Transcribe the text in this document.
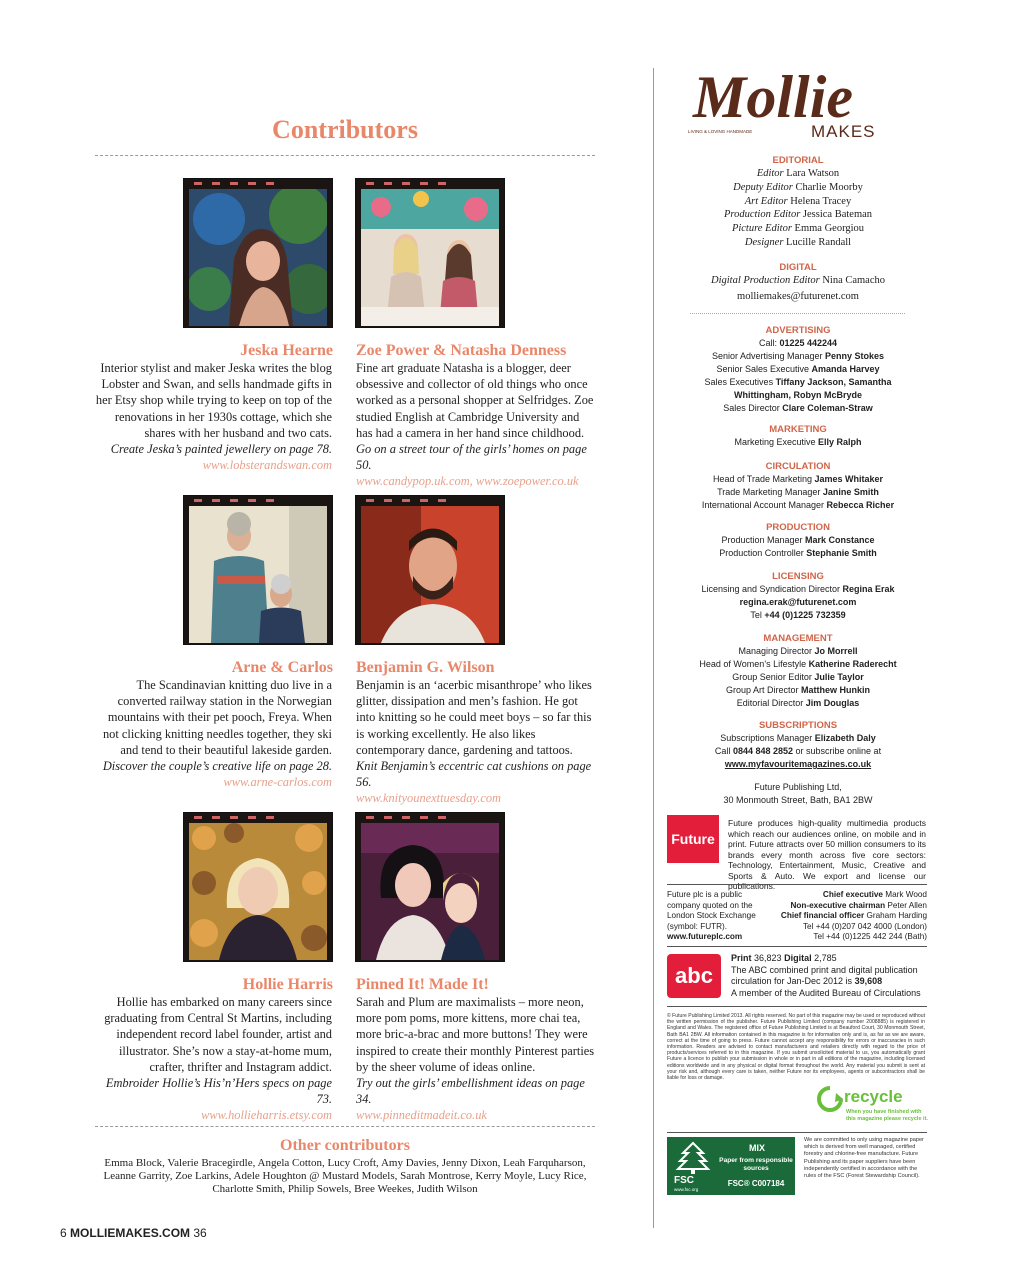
Contributors
Jeska Hearne Zoe Power & Natasha Denness
Interior stylist and maker Jeska writes the blog Lobster and Swan, and sells handmade gifts in her Etsy shop while trying to keep on top of the renovations in her 1930s cottage, which she shares with her husband and two cats.
Create Jeska’s painted jewellery on page 78.
www.lobsterandswan.com
Fine art graduate Natasha is a blogger, deer obsessive and collector of old things who once worked as a personal shopper at Selfridges. Zoe studied English at Cambridge University and has had a camera in her hand since childhood.
Go on a street tour of the girls’ homes on page 50.
www.candypop.uk.com, www.zoepower.co.uk
Arne & Carlos Benjamin G. Wilson
The Scandinavian knitting duo live in a converted railway station in the Norwegian mountains with their pet pooch, Freya. When not clicking knitting needles together, they ski and tend to their beautiful lakeside garden.
Discover the couple’s creative life on page 28.
www.arne-carlos.com
Benjamin is an ‘acerbic misanthrope’ who likes glitter, dissipation and men’s fashion. He got into knitting so he could meet boys – so far this is working excellently. He also likes contemporary dance, gardening and tattoos.
Knit Benjamin’s eccentric cat cushions on page 56.
www.knityounexttuesday.com
Hollie Harris Pinned It! Made It!
Hollie has embarked on many careers since graduating from Central St Martins, including independent record label founder, artist and illustrator. She’s now a stay-at-home mum, crafter, thrifter and Instagram addict.
Embroider Hollie’s His’n’Hers specs on page 73.
www.hollieharris.etsy.com
Sarah and Plum are maximalists – more neon, more pom poms, more kittens, more chai tea, more bric-a-brac and more buttons! They were inspired to create their monthly Pinterest parties by the sheer volume of ideas online.
Try out the girls’ embellishment ideas on page 34.
www.pinneditmadeit.co.uk
Other contributors
Emma Block, Valerie Bracegirdle, Angela Cotton, Lucy Croft, Amy Davies, Jenny Dixon, Leah Farquharson, Leanne Garrity, Zoe Larkins, Adele Houghton @ Mustard Models, Sarah Montrose, Kerry Moyle, Lucy Rice, Charlotte Smith, Philip Sowels, Bree Weekes, Judith Wilson
6 MOLLIEMAKES.COM 36
Mollie
MAKES
LIVING & LOVING HANDMADE
EDITORIAL
Editor Lara Watson
Deputy Editor Charlie Moorby
Art Editor Helena Tracey
Production Editor Jessica Bateman
Picture Editor Emma Georgiou
Designer Lucille Randall
DIGITAL
Digital Production Editor Nina Camacho
molliemakes@futurenet.com
ADVERTISING
Call: 01225 442244
Senior Advertising Manager Penny Stokes
Senior Sales Executive Amanda Harvey
Sales Executives Tiffany Jackson, Samantha
Whittingham, Robyn McBryde
Sales Director Clare Coleman-Straw
MARKETING
Marketing Executive Elly Ralph
CIRCULATION
Head of Trade Marketing James Whitaker
Trade Marketing Manager Janine Smith
International Account Manager Rebecca Richer
PRODUCTION
Production Manager Mark Constance
Production Controller Stephanie Smith
LICENSING
Licensing and Syndication Director Regina Erak
regina.erak@futurenet.com
Tel +44 (0)1225 732359
MANAGEMENT
Managing Director Jo Morrell
Head of Women’s Lifestyle Katherine Raderecht
Group Senior Editor Julie Taylor
Group Art Director Matthew Hunkin
Editorial Director Jim Douglas
SUBSCRIPTIONS
Subscriptions Manager Elizabeth Daly
Call 0844 848 2852 or subscribe online at
www.myfavouritemagazines.co.uk
Future Publishing Ltd,
30 Monmouth Street, Bath, BA1 2BW
Future
Future produces high-quality multimedia products which reach our audiences online, on mobile and in print. Future attracts over 50 million consumers to its brands every month across five core sectors: Technology, Entertainment, Music, Creative and Sports & Auto. We export and license our publications.
Future plc is a public
company quoted on the
London Stock Exchange
(symbol: FUTR).
www.futureplc.com
Chief executive Mark Wood
Non-executive chairman Peter Allen
Chief financial officer Graham Harding
Tel +44 (0)207 042 4000 (London)
Tel +44 (0)1225 442 244 (Bath)
abc
Print 36,823 Digital 2,785
The ABC combined print and digital publication
circulation for Jan-Dec 2012 is 39,608
A member of the Audited Bureau of Circulations
© Future Publishing Limited 2013. All rights reserved. No part of this magazine may be used or reproduced without the written permission of the publisher. Future Publishing Limited (company number 2008885) is registered in England and Wales. The registered office of Future Publishing Limited is at Beauford Court, 30 Monmouth Street, Bath BA1 2BW. All information contained in this magazine is for information only and is, as far as we are aware, correct at the time of going to press. Future cannot accept any responsibility for errors or inaccuracies in such information. Readers are advised to contact manufacturers and retailers directly with regard to the price of products/services referred to in this magazine. If you submit unsolicited material to us, you automatically grant Future a licence to publish your submission in whole or in part in all editions of the magazine, including licensed editions worldwide and in any physical or digital format throughout the world. Any material you submit is sent at your risk and, although every care is taken, neither Future nor its employees, agents or subcontractors shall be liable for loss or damage.
recycle
When you have finished with
this magazine please recycle it.
FSC
www.fsc.org
MIX
Paper from responsible sources
FSC® C007184
We are committed to only using magazine paper which is derived from well managed, certified forestry and chlorine-free manufacture. Future Publishing and its paper suppliers have been independently certified in accordance with the rules of the FSC (Forest Stewardship Council).
